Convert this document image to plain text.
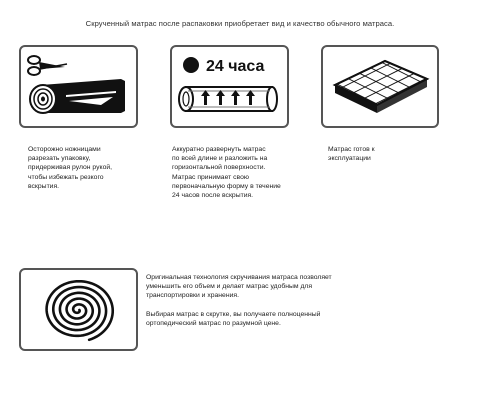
Скрученный матрас после распаковки приобретает вид и качество обычного матраса.
24 часа
Осторожно ножницами
разрезать упаковку,
придерживая рулон рукой,
чтобы избежать резкого
вскрытия.
Аккуратно развернуть матрас
по всей длине и разложить на
горизонтальной поверхности.
Матрас принимает свою
первоначальную форму в течение
24 часов после вскрытия.
Матрас готов к
эксплуатации
Оригинальная технология скручивания матраса позволяет
уменьшить его объем и делает матрас удобным для
транспортировки и хранения.
Выбирая матрас в скрутке, вы получаете полноценный
ортопедический матрас по разумной цене.
